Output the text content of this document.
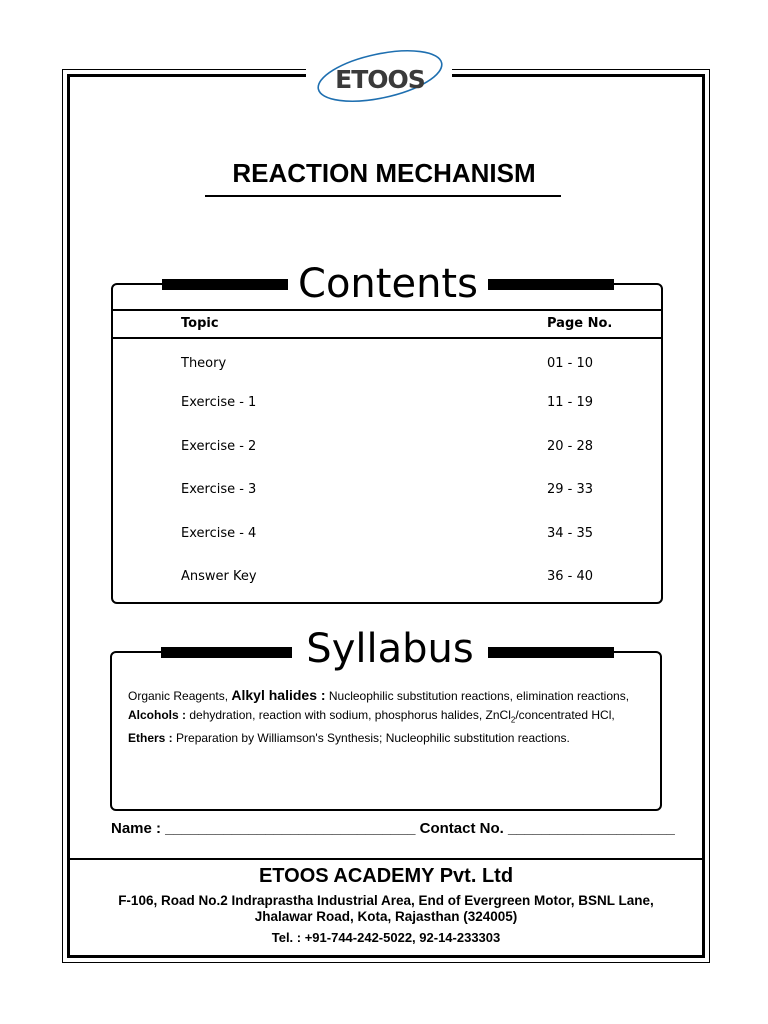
ETOOS
REACTION MECHANISM
Contents
Topic	Page No.
Theory	01 - 10
Exercise - 1	11 - 19
Exercise - 2	20 - 28
Exercise - 3	29 - 33
Exercise - 4	34 - 35
Answer Key	36 - 40
Syllabus
Organic Reagents, Alkyl halides : Nucleophilic substitution reactions, elimination reactions,
Alcohols : dehydration, reaction with sodium, phosphorus halides, ZnCl$_2$/concentrated HCl,
Ethers : Preparation by Williamson's Synthesis; Nucleophilic substitution reactions.
Name : ______________________________ Contact No. ____________________
ETOOS ACADEMY Pvt. Ltd
F-106, Road No.2 Indraprastha Industrial Area, End of Evergreen Motor, BSNL Lane,
Jhalawar Road, Kota, Rajasthan (324005)
Tel. : +91-744-242-5022, 92-14-233303
